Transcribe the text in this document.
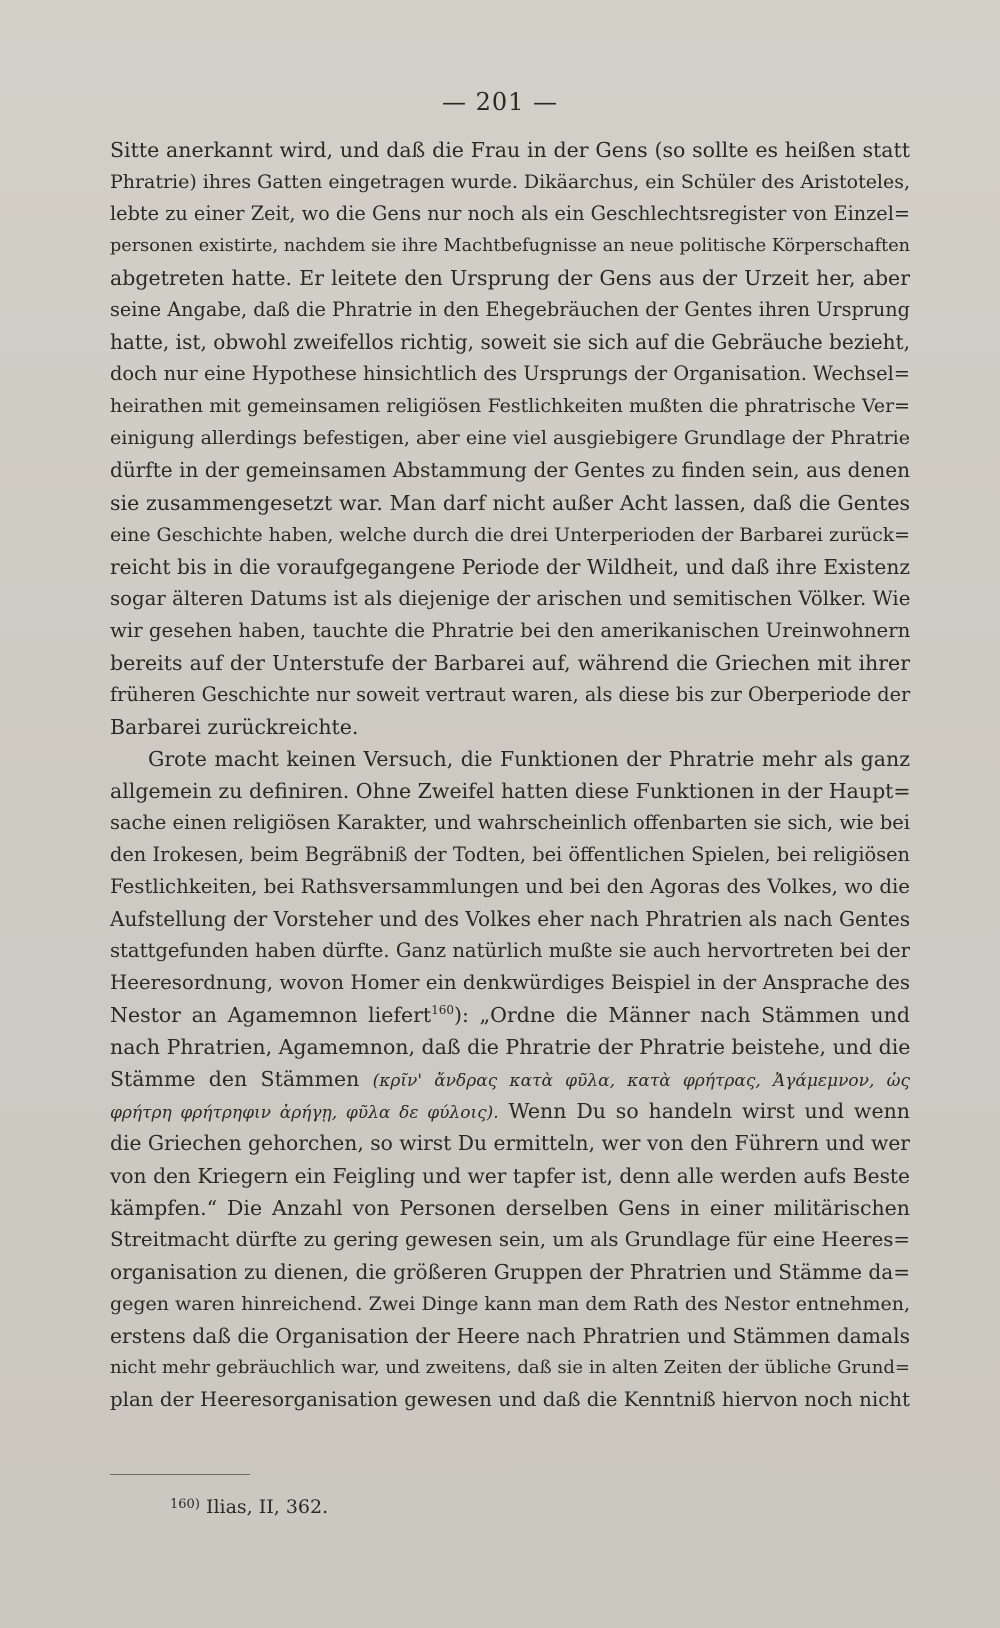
— 201 —
Sitte anerkannt wird, und daß die Frau in der Gens (so sollte es heißen statt
Phratrie) ihres Gatten eingetragen wurde. Dikäarchus, ein Schüler des Aristoteles,
lebte zu einer Zeit, wo die Gens nur noch als ein Geschlechtsregister von Einzel=
personen existirte, nachdem sie ihre Machtbefugnisse an neue politische Körperschaften
abgetreten hatte. Er leitete den Ursprung der Gens aus der Urzeit her, aber
seine Angabe, daß die Phratrie in den Ehegebräuchen der Gentes ihren Ursprung
hatte, ist, obwohl zweifellos richtig, soweit sie sich auf die Gebräuche bezieht,
doch nur eine Hypothese hinsichtlich des Ursprungs der Organisation. Wechsel=
heirathen mit gemeinsamen religiösen Festlichkeiten mußten die phratrische Ver=
einigung allerdings befestigen, aber eine viel ausgiebigere Grundlage der Phratrie
dürfte in der gemeinsamen Abstammung der Gentes zu finden sein, aus denen
sie zusammengesetzt war. Man darf nicht außer Acht lassen, daß die Gentes
eine Geschichte haben, welche durch die drei Unterperioden der Barbarei zurück=
reicht bis in die voraufgegangene Periode der Wildheit, und daß ihre Existenz
sogar älteren Datums ist als diejenige der arischen und semitischen Völker. Wie
wir gesehen haben, tauchte die Phratrie bei den amerikanischen Ureinwohnern
bereits auf der Unterstufe der Barbarei auf, während die Griechen mit ihrer
früheren Geschichte nur soweit vertraut waren, als diese bis zur Oberperiode der
Barbarei zurückreichte.
Grote macht keinen Versuch, die Funktionen der Phratrie mehr als ganz
allgemein zu definiren. Ohne Zweifel hatten diese Funktionen in der Haupt=
sache einen religiösen Karakter, und wahrscheinlich offenbarten sie sich, wie bei
den Irokesen, beim Begräbniß der Todten, bei öffentlichen Spielen, bei religiösen
Festlichkeiten, bei Rathsversammlungen und bei den Agoras des Volkes, wo die
Aufstellung der Vorsteher und des Volkes eher nach Phratrien als nach Gentes
stattgefunden haben dürfte. Ganz natürlich mußte sie auch hervortreten bei der
Heeresordnung, wovon Homer ein denkwürdiges Beispiel in der Ansprache des
Nestor an Agamemnon liefert$^{160}$): „Ordne die Männer nach Stämmen und
nach Phratrien, Agamemnon, daß die Phratrie der Phratrie beistehe, und die
Stämme den Stämmen (κρῖν' ἄνδρας κατὰ φῦλα, κατὰ φρήτρας, Ἀγάμεμνον, ὡς
φρήτρη φρήτρηφιν ἀρήγῃ, φῦλα δε φύλοις). Wenn Du so handeln wirst und wenn
die Griechen gehorchen, so wirst Du ermitteln, wer von den Führern und wer
von den Kriegern ein Feigling und wer tapfer ist, denn alle werden aufs Beste
kämpfen.“ Die Anzahl von Personen derselben Gens in einer militärischen
Streitmacht dürfte zu gering gewesen sein, um als Grundlage für eine Heeres=
organisation zu dienen, die größeren Gruppen der Phratrien und Stämme da=
gegen waren hinreichend. Zwei Dinge kann man dem Rath des Nestor entnehmen,
erstens daß die Organisation der Heere nach Phratrien und Stämmen damals
nicht mehr gebräuchlich war, und zweitens, daß sie in alten Zeiten der übliche Grund=
plan der Heeresorganisation gewesen und daß die Kenntniß hiervon noch nicht
$^{160)}$ Ilias, II, 362.
